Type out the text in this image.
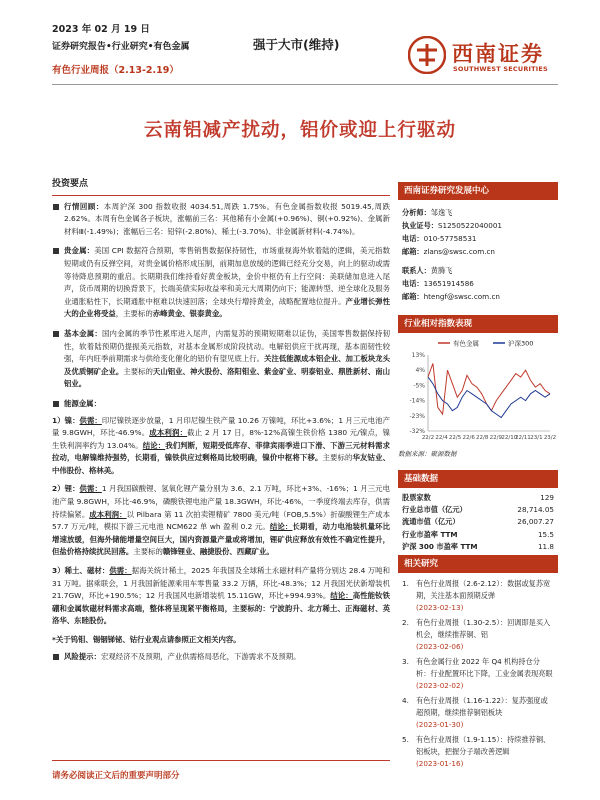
2023 年 02 月 19 日
证券研究报告•行业研究•有色金属
有色行业周报（2.13-2.19）
强于大市(维持)	西南证券
SOUTHWEST SECURITIES
云南铝减产扰动，铝价或迎上行驱动
投资要点
行情回顾：本周沪深 300 指数收报 4034.51,周跌 1.75%。有色金属指数收报 5019.45,周跌 2.62%。本周有色金属各子板块，涨幅前三名：其他稀有小金属(+0.96%)、铜(+0.92%)、金属新材料Ⅲ(-1.49%)；涨幅后三名：铅锌(-2.80%)、稀土(-3.70%)、非金属新材料(-4.74%)。
贵金属：美国 CPI 数据符合预期，零售销售数据保持韧性，市场重视海外软着陆的逻辑，美元指数短期或仍有反弹空间，对贵金属价格形成压制，前期加息放缓的逻辑已经充分交易，向上的驱动或需等待降息预期的重启。长期期我们维持看好黄金板块，金价中枢仍有上行空间：美联储加息进入尾声，货币周期的切换背景下，长端美债实际收益率和美元大周期仍向下；能源转型、逆全球化及服务业通胀粘性下，长期通胀中枢难以快速回落；全球央行增持黄金，战略配置地位提升。产业增长弹性大的企业将受益，主要标的赤峰黄金、银泰黄金。
基本金属：国内金属的季节性累库进入尾声，内需复苏的预期短期难以证伪，美国零售数据保持韧性，软着陆预期仍提振美元指数，对基本金属形成阶段扰动。电解铝供应干扰再现，基本面韧性较强，年内旺季前期需求与供给变化催化的铝价有望见底上行。关注低能源成本铝企业、加工板块龙头及优质铜矿企业。主要标的天山铝业、神火股份、洛阳钼业、紫金矿业、明泰铝业、鼎胜新材、南山铝业。
能源金属：
1）镍：供需：印尼镍铁逐步放量，1 月印尼镍生铁产量 10.26 万镍吨，环比+3.6%；1 月三元电池产量 9.8GWH，环比-46.9%。成本利润：截止 2 月 17 日，8%-12%高镍生铁价格 1380 元/镍点，镍生铁利润率约为 13.04%。结论：我们判断，短期受低库存、菲律宾雨季进口下滑、下游三元材料需求拉动，电解镍维持强势，长期看，镍铁供应过剩格局比较明确，镍价中枢将下移。主要标的华友钴业、中伟股份、格林美。
2）锂：供需：1 月我国碳酸锂、氢氧化锂产量分别为 3.6、2.1 万吨，环比+3%、-16%；1 月三元电池产量 9.8GWH，环比-46.9%，磷酸铁锂电池产量 18.3GWH，环比-46%，一季度终端去库存，供需持续偏紧。成本利润：以 Pilbara 第 11 次拍卖锂精矿 7800 美元/吨（FOB,5.5%）折碳酸锂生产成本 57.7 万元/吨，模拟下游三元电池 NCM622 单 wh 盈利 0.2 元。结论：长期看，动力电池装机量环比增速放缓，但海外储能增量空间巨大，国内资源量产量或将增加，锂矿供应释放有效性不确定性提升，但盐价格持续扰民回落。主要标的赣锋锂业、融捷股份、西藏矿业。
3）稀土、磁材：供需：据海关统计稀土，2025 年我国及全球稀土永磁材料产量将分别达 28.4 万吨和 31 万吨。据乘联会，1 月我国新能源乘用车零售量 33.2 万辆，环比-48.3%；12 月我国光伏新增装机 21.7GW，环比+190.5%；12 月我国风电新增装机 15.11GW，环比+994.93%。结论：高性能钕铁硼和金属软磁材料需求高端，整体将呈现紧平衡格局，主要标的：宁波韵升、北方稀土、正海磁材、英洛华、东睦股份。
*关于钨钼、锡铟锑铋、钴行业观点请参照正文相关内容。
风险提示：宏观经济不及预期，产业供需格局恶化，下游需求不及预期。
请务必阅读正文后的重要声明部分
西南证券研究发展中心
分析师：邹逸飞
执业证号：S1250522040001
电话：010-57758531
邮箱：zlans@swsc.com.cn
联系人：黄腾飞
电话：13651914586
邮箱：htengf@swsc.com.cn
行业相对指数表现
有色金属	沪深300
13%
4%
-5%
-14%
-23%
-32%
22/2 22/4 22/5 22/6 22/8 22/9 22/10
22/11 23/1 23/2
数据来源：聚源数据
基础数据
股票家数	129
行业总市值（亿元）	28,714.05
流通市值（亿元）	26,007.27
行业市盈率 TTM	15.5
沪深 300 市盈率 TTM	11.8
相关研究
1. 有色行业周报（2.6-2.12）：数据或复苏宽期，关注基本面预期反弹
(2023-02-13)
2. 有色行业周报（1.30-2.5）：回调即是买入机会，继续推荐铜、铝
(2023-02-06)
3. 有色金属行业 2022 年 Q4 机构持仓分析：行业配置环比下降，工业金属表现亮眼
(2023-02-02)
4. 有色行业周报（1.16-1.22）：复苏强度或超预期，继续推荐铜铝板块
(2023-01-30)
5. 有色行业周报（1.9-1.15）：持续推荐铜、铝板块，把握分子端改善逻辑
(2023-01-16)
